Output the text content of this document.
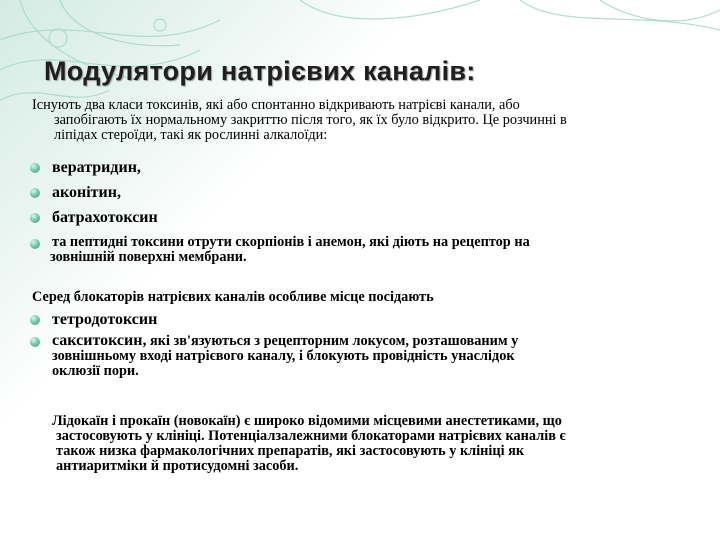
Модулятори натрієвих каналів:
Існують два класи токсинів, які або спонтанно відкривають натрієві канали, або
запобігають їх нормальному закриттю після того, як їх було відкрито. Це розчинні в
ліпідах стероїди, такі як рослинні алкалоїди:
вератридин,
аконітин,
батрахотоксин
та пептидні токсини отрути скорпіонів і анемон, які діють на рецептор на
зовнішній поверхні мембрани.
Серед блокаторів натрієвих каналів особливе місце посідають
тетродотоксин
сакситоксин, які зв'язуються з рецепторним локусом, розташованим у
зовнішньому вході натрієвого каналу, і блокують провідність унаслідок
оклюзії пори.
Лідокаїн і прокаїн (новокаїн) є широко відомими місцевими анестетиками, що
застосовують у клініці. Потенціалзалежними блокаторами натрієвих каналів є
також низка фармакологічних препаратів, які застосовують у клініці як
антиаритміки й протисудомні засоби.
